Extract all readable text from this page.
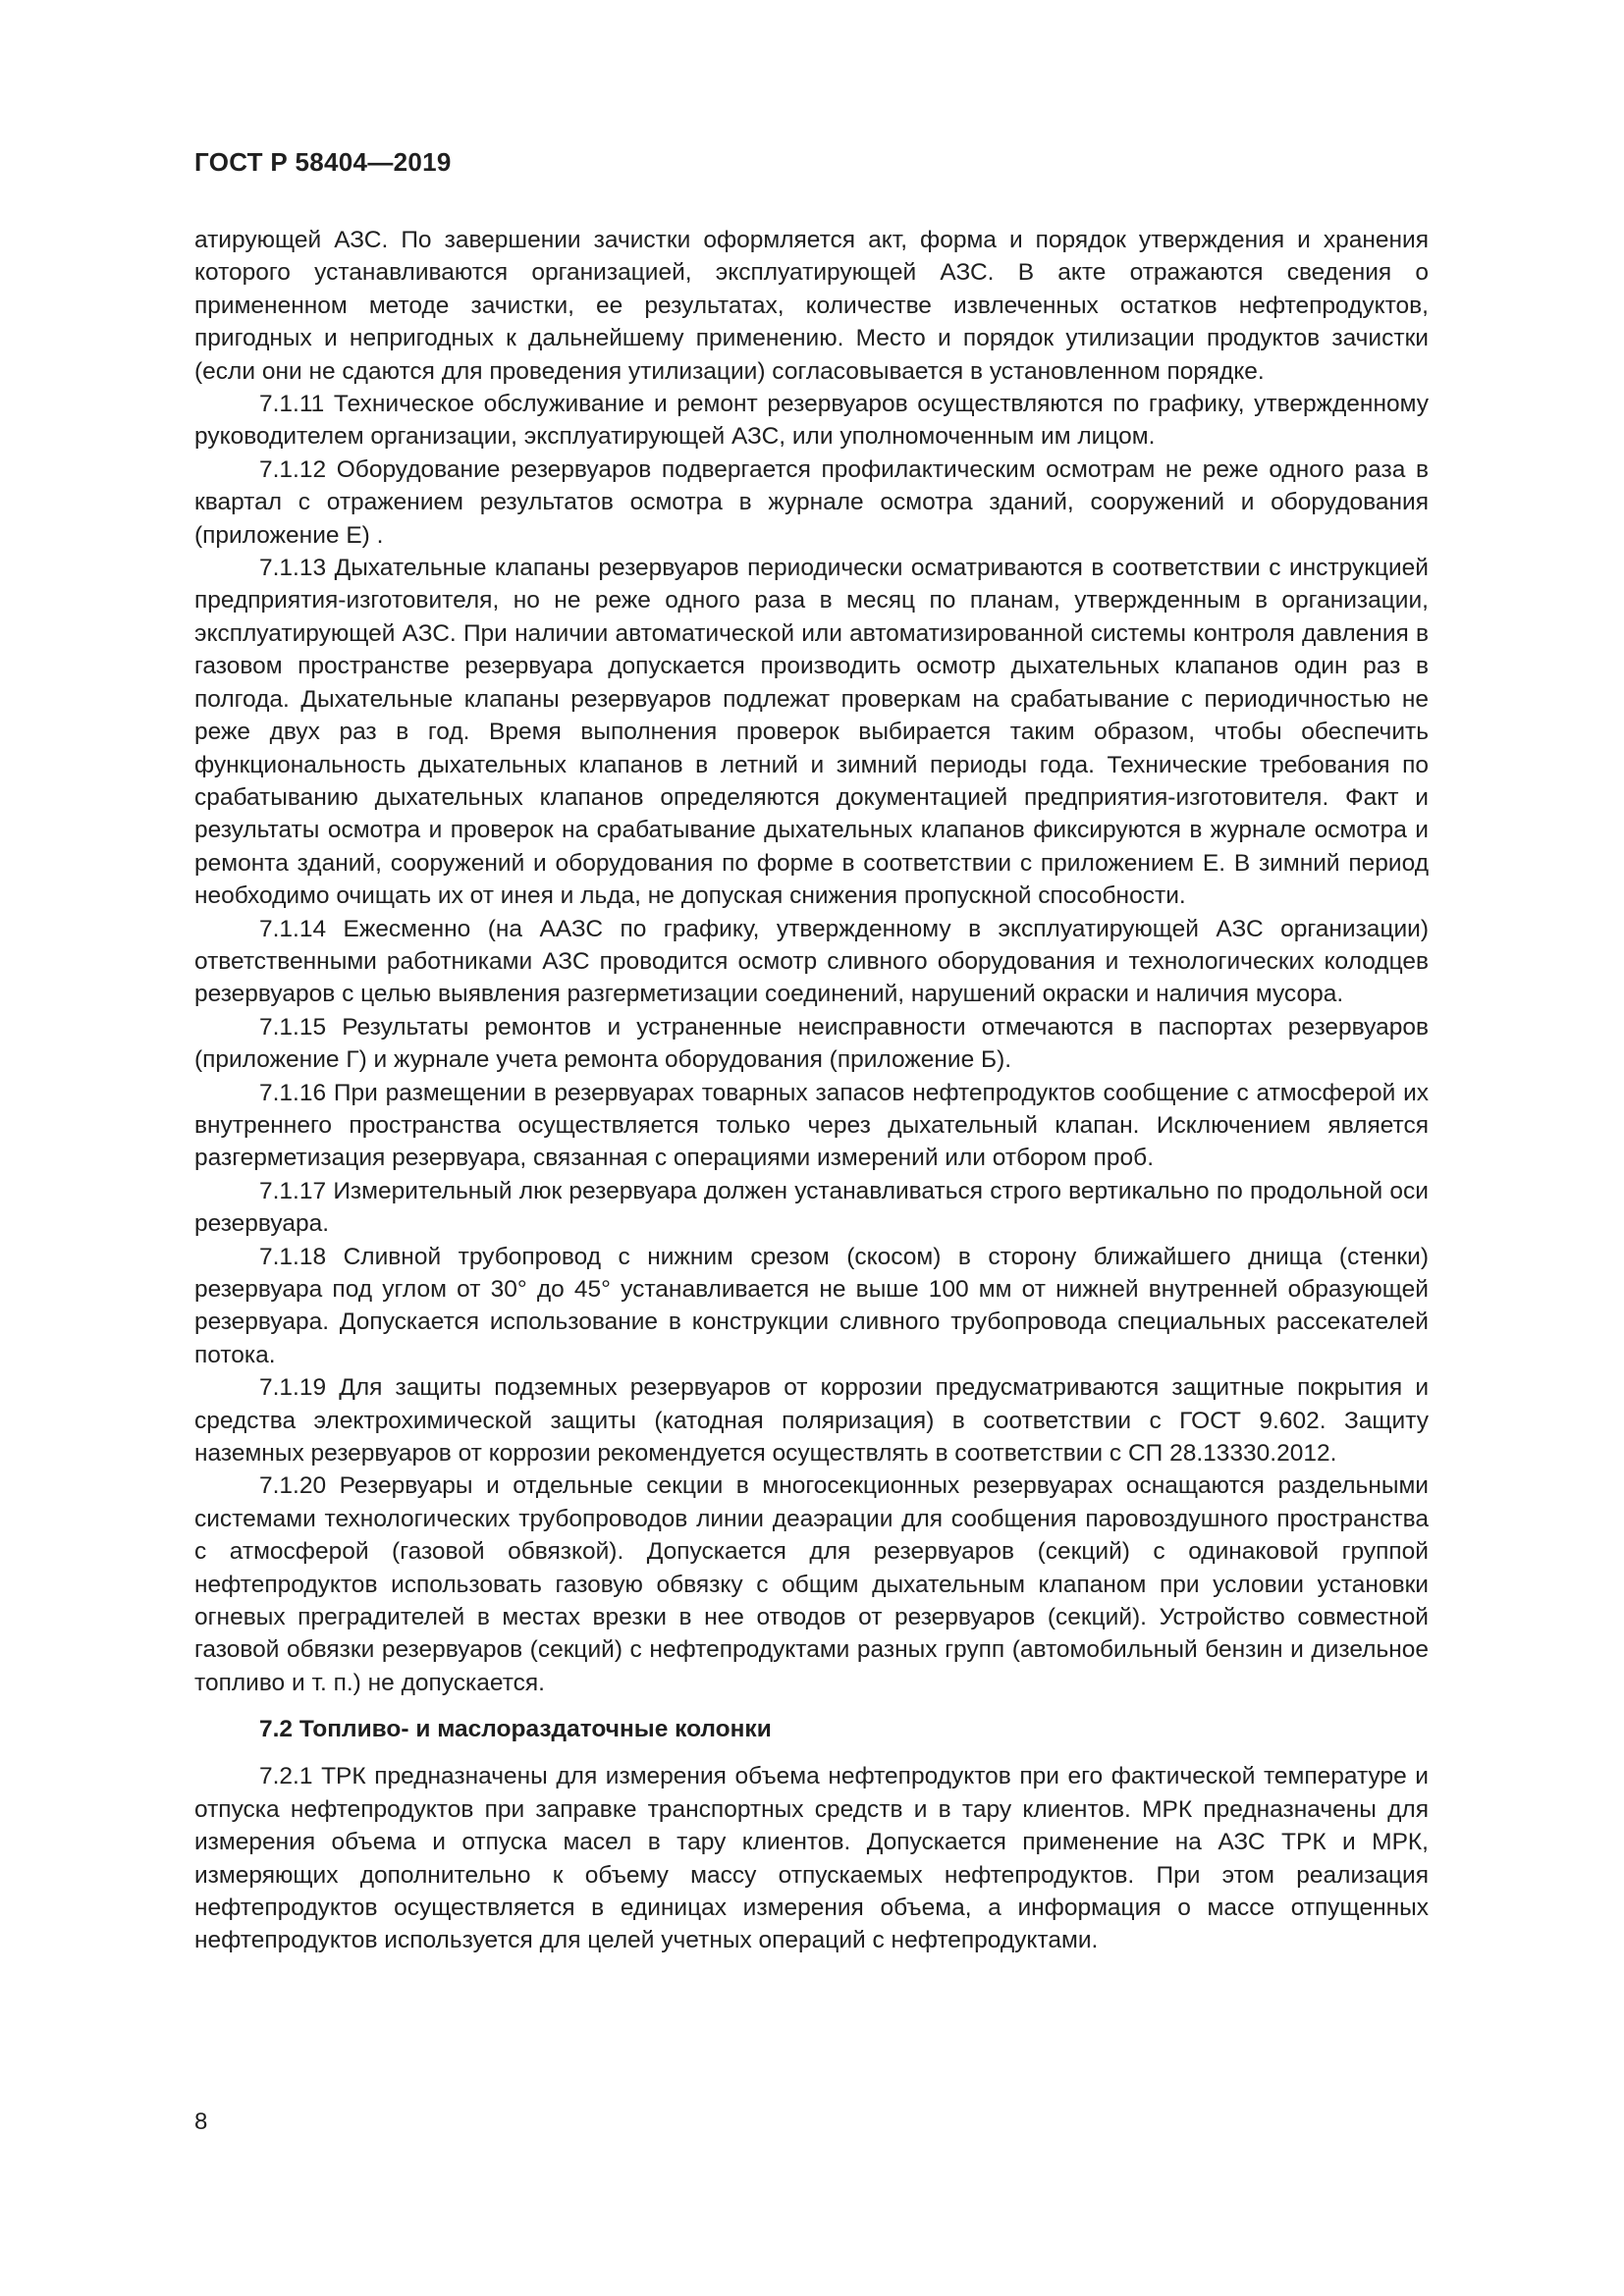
ГОСТ Р 58404—2019

атирующей АЗС. По завершении зачистки оформляется акт, форма и порядок утверждения и хранения которого устанавливаются организацией, эксплуатирующей АЗС. В акте отражаются сведения о примененном методе зачистки, ее результатах, количестве извлеченных остатков нефтепродуктов, пригодных и непригодных к дальнейшему применению. Место и порядок утилизации продуктов зачистки (если они не сдаются для проведения утилизации) согласовывается в установленном порядке.

7.1.11 Техническое обслуживание и ремонт резервуаров осуществляются по графику, утвержденному руководителем организации, эксплуатирующей АЗС, или уполномоченным им лицом.

7.1.12 Оборудование резервуаров подвергается профилактическим осмотрам не реже одного раза в квартал с отражением результатов осмотра в журнале осмотра зданий, сооружений и оборудования (приложение Е) .

7.1.13 Дыхательные клапаны резервуаров периодически осматриваются в соответствии с инструкцией предприятия-изготовителя, но не реже одного раза в месяц по планам, утвержденным в организации, эксплуатирующей АЗС. При наличии автоматической или автоматизированной системы контроля давления в газовом пространстве резервуара допускается производить осмотр дыхательных клапанов один раз в полгода. Дыхательные клапаны резервуаров подлежат проверкам на срабатывание с периодичностью не реже двух раз в год. Время выполнения проверок выбирается таким образом, чтобы обеспечить функциональность дыхательных клапанов в летний и зимний периоды года. Технические требования по срабатыванию дыхательных клапанов определяются документацией предприятия-изготовителя. Факт и результаты осмотра и проверок на срабатывание дыхательных клапанов фиксируются в журнале осмотра и ремонта зданий, сооружений и оборудования по форме в соответствии с приложением Е. В зимний период необходимо очищать их от инея и льда, не допуская снижения пропускной способности.

7.1.14 Ежесменно (на ААЗС по графику, утвержденному в эксплуатирующей АЗС организации) ответственными работниками АЗС проводится осмотр сливного оборудования и технологических колодцев резервуаров с целью выявления разгерметизации соединений, нарушений окраски и наличия мусора.

7.1.15 Результаты ремонтов и устраненные неисправности отмечаются в паспортах резервуаров (приложение Г) и журнале учета ремонта оборудования (приложение Б).

7.1.16 При размещении в резервуарах товарных запасов нефтепродуктов сообщение с атмосферой их внутреннего пространства осуществляется только через дыхательный клапан. Исключением является разгерметизация резервуара, связанная с операциями измерений или отбором проб.

7.1.17 Измерительный люк резервуара должен устанавливаться строго вертикально по продольной оси резервуара.

7.1.18 Сливной трубопровод с нижним срезом (скосом) в сторону ближайшего днища (стенки) резервуара под углом от 30° до 45° устанавливается не выше 100 мм от нижней внутренней образующей резервуара. Допускается использование в конструкции сливного трубопровода специальных рассекателей потока.

7.1.19 Для защиты подземных резервуаров от коррозии предусматриваются защитные покрытия и средства электрохимической защиты (катодная поляризация) в соответствии с ГОСТ 9.602. Защиту наземных резервуаров от коррозии рекомендуется осуществлять в соответствии с СП 28.13330.2012.

7.1.20 Резервуары и отдельные секции в многосекционных резервуарах оснащаются раздельными системами технологических трубопроводов линии деаэрации для сообщения паровоздушного пространства с атмосферой (газовой обвязкой). Допускается для резервуаров (секций) с одинаковой группой нефтепродуктов использовать газовую обвязку с общим дыхательным клапаном при условии установки огневых преградителей в местах врезки в нее отводов от резервуаров (секций). Устройство совместной газовой обвязки резервуаров (секций) с нефтепродуктами разных групп (автомобильный бензин и дизельное топливо и т. п.) не допускается.

7.2 Топливо- и маслораздаточные колонки

7.2.1 ТРК предназначены для измерения объема нефтепродуктов при его фактической температуре и отпуска нефтепродуктов при заправке транспортных средств и в тару клиентов. МРК предназначены для измерения объема и отпуска масел в тару клиентов. Допускается применение на АЗС ТРК и МРК, измеряющих дополнительно к объему массу отпускаемых нефтепродуктов. При этом реализация нефтепродуктов осуществляется в единицах измерения объема, а информация о массе отпущенных нефтепродуктов используется для целей учетных операций с нефтепродуктами.

8
